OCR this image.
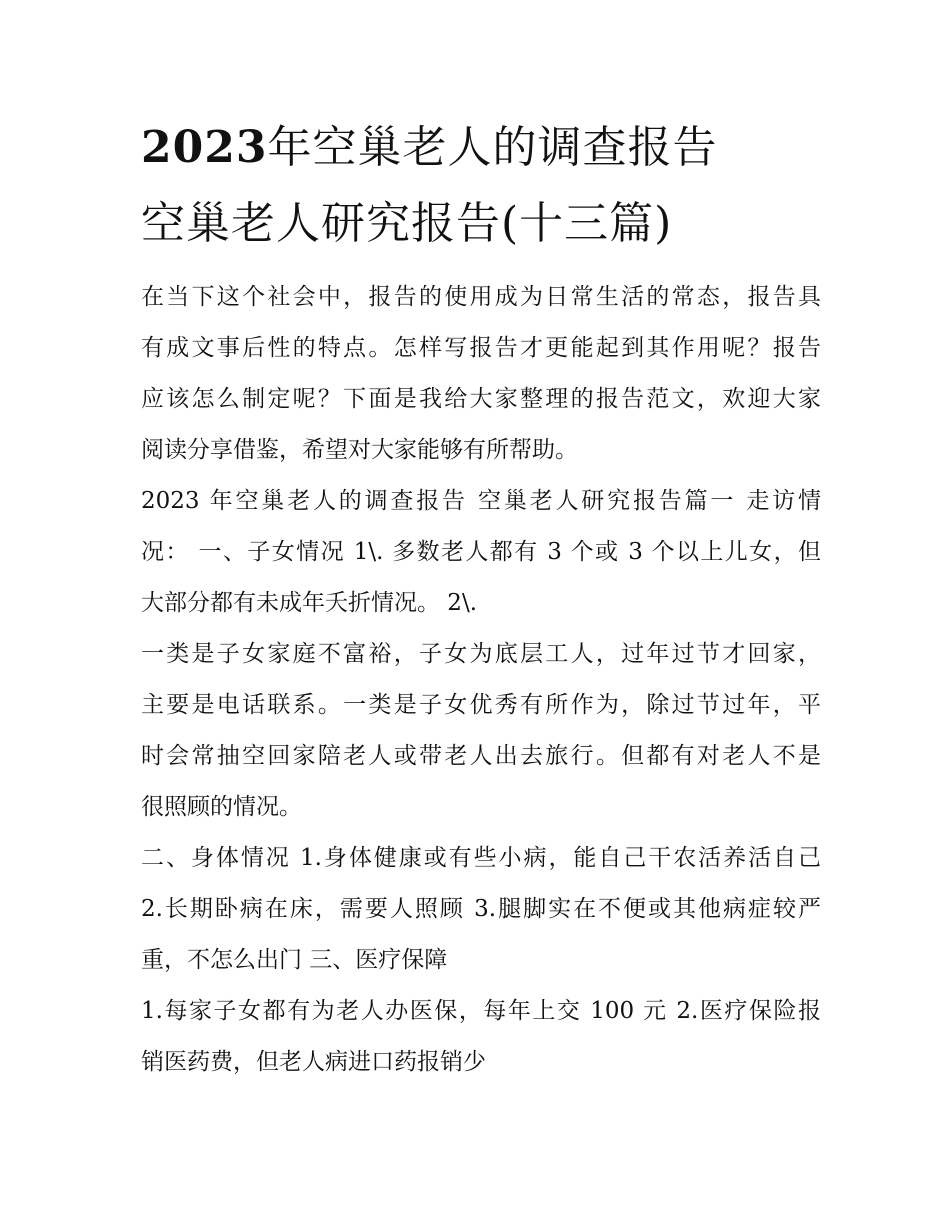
2023年空巢老人的调查报告
空巢老人研究报告(十三篇)

在当下这个社会中，报告的使用成为日常生活的常态，报告具
有成文事后性的特点。怎样写报告才更能起到其作用呢？报告
应该怎么制定呢？下面是我给大家整理的报告范文，欢迎大家
阅读分享借鉴，希望对大家能够有所帮助。

2023 年空巢老人的调查报告 空巢老人研究报告篇一 走访情
况： 一、子女情况 1\. 多数老人都有 3 个或 3 个以上儿女，但
大部分都有未成年夭折情况。 2\.

一类是子女家庭不富裕，子女为底层工人，过年过节才回家，
主要是电话联系。一类是子女优秀有所作为，除过节过年，平
时会常抽空回家陪老人或带老人出去旅行。但都有对老人不是
很照顾的情况。

二、身体情况 1.身体健康或有些小病，能自己干农活养活自己
2.长期卧病在床，需要人照顾 3.腿脚实在不便或其他病症较严
重，不怎么出门 三、医疗保障

1.每家子女都有为老人办医保，每年上交 100 元 2.医疗保险报
销医药费，但老人病进口药报销少
